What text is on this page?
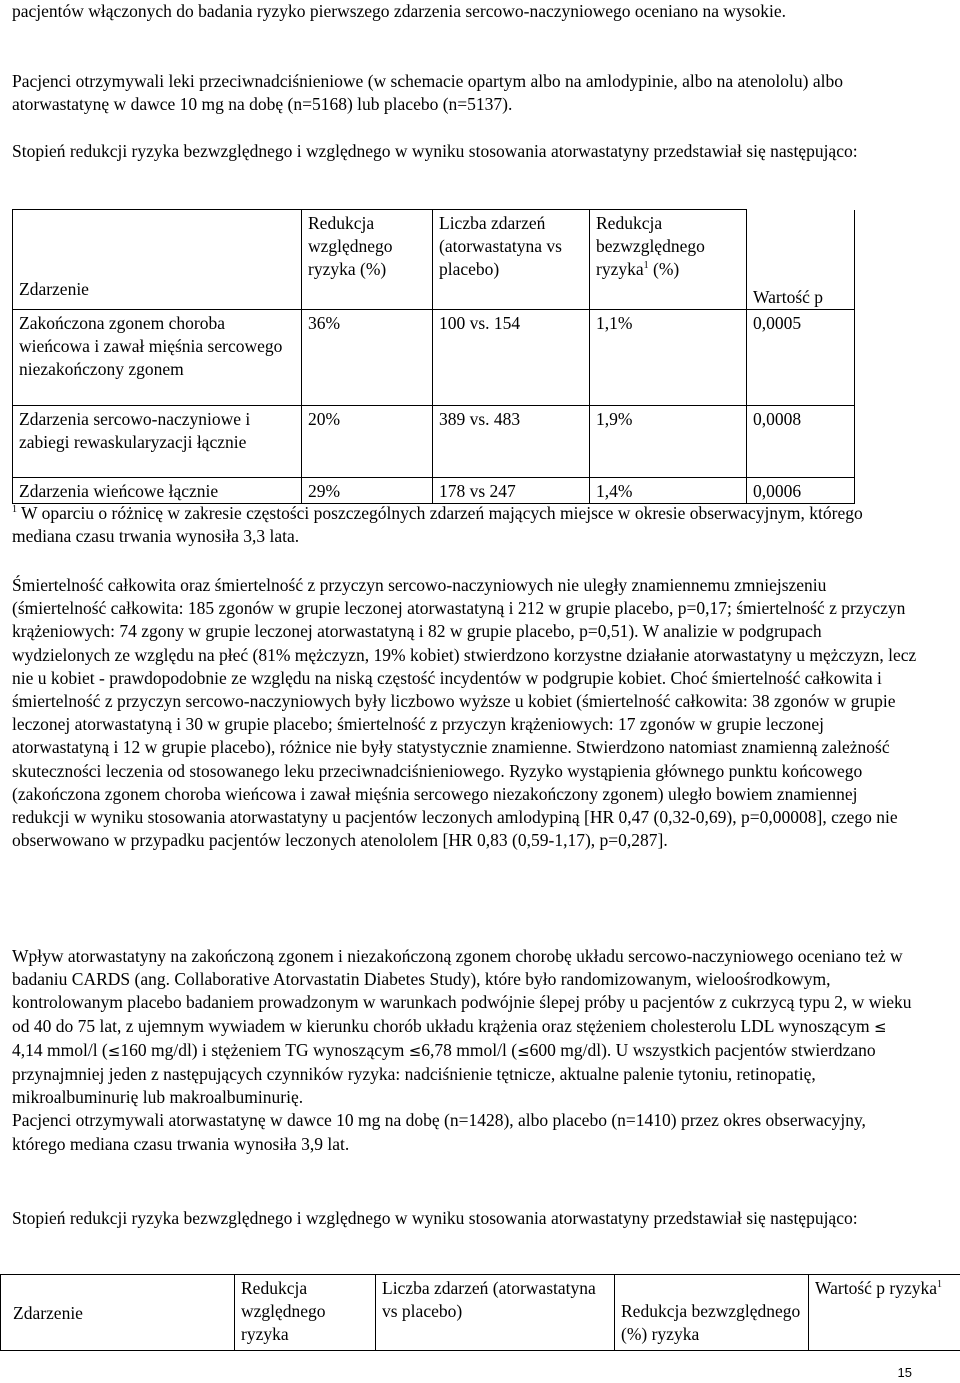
pacjentów włączonych do badania ryzyko pierwszego zdarzenia sercowo-naczyniowego oceniano na wysokie.

Pacjenci otrzymywali leki przeciwnadciśnieniowe (w schemacie opartym albo na amlodypinie, albo na atenololu) albo atorwastatynę w dawce 10 mg na dobę (n=5168) lub placebo (n=5137).

Stopień redukcji ryzyka bezwzględnego i względnego w wyniku stosowania atorwastatyny przedstawiał się następująco:

Zdarzenie	Redukcja względnego ryzyka (%)	Liczba zdarzeń (atorwastatyna vs placebo)	Redukcja bezwzględnego ryzyka$^1$ (%)	Wartość p
Zakończona zgonem choroba wieńcowa i zawał mięśnia sercowego niezakończony zgonem	36%	100 vs. 154	1,1%	0,0005
Zdarzenia sercowo-naczyniowe i zabiegi rewaskularyzacji łącznie	20%	389 vs. 483	1,9%	0,0008
Zdarzenia wieńcowe łącznie	29%	178 vs 247	1,4%	0,0006

$^1$ W oparciu o różnicę w zakresie częstości poszczególnych zdarzeń mających miejsce w okresie obserwacyjnym, którego mediana czasu trwania wynosiła 3,3 lata.

Śmiertelność całkowita oraz śmiertelność z przyczyn sercowo-naczyniowych nie uległy znamiennemu zmniejszeniu (śmiertelność całkowita: 185 zgonów w grupie leczonej atorwastatyną i 212 w grupie placebo, p=0,17; śmiertelność z przyczyn krążeniowych: 74 zgony w grupie leczonej atorwastatyną i 82 w grupie placebo, p=0,51). W analizie w podgrupach wydzielonych ze względu na płeć (81% mężczyzn, 19% kobiet) stwierdzono korzystne działanie atorwastatyny u mężczyzn, lecz nie u kobiet - prawdopodobnie ze względu na niską częstość incydentów w podgrupie kobiet. Choć śmiertelność całkowita i śmiertelność z przyczyn sercowo-naczyniowych były liczbowo wyższe u kobiet (śmiertelność całkowita: 38 zgonów w grupie leczonej atorwastatyną i 30 w grupie placebo; śmiertelność z przyczyn krążeniowych: 17 zgonów w grupie leczonej atorwastatyną i 12 w grupie placebo), różnice nie były statystycznie znamienne. Stwierdzono natomiast znamienną zależność skuteczności leczenia od stosowanego leku przeciwnadciśnieniowego. Ryzyko wystąpienia głównego punktu końcowego (zakończona zgonem choroba wieńcowa i zawał mięśnia sercowego niezakończony zgonem) uległo bowiem znamiennej redukcji w wyniku stosowania atorwastatyny u pacjentów leczonych amlodypiną [HR 0,47 (0,32-0,69), p=0,00008], czego nie obserwowano w przypadku pacjentów leczonych atenololem [HR 0,83 (0,59-1,17), p=0,287].

Wpływ atorwastatyny na zakończoną zgonem i niezakończoną zgonem chorobę układu sercowo-naczyniowego oceniano też w badaniu CARDS (ang. Collaborative Atorvastatin Diabetes Study), które było randomizowanym, wieloośrodkowym, kontrolowanym placebo badaniem prowadzonym w warunkach podwójnie ślepej próby u pacjentów z cukrzycą typu 2, w wieku od 40 do 75 lat, z ujemnym wywiadem w kierunku chorób układu krążenia oraz stężeniem cholesterolu LDL wynoszącym ≤ 4,14 mmol/l (≤160 mg/dl) i stężeniem TG wynoszącym ≤6,78 mmol/l (≤600 mg/dl). U wszystkich pacjentów stwierdzano przynajmniej jeden z następujących czynników ryzyka: nadciśnienie tętnicze, aktualne palenie tytoniu, retinopatię, mikroalbuminurię lub makroalbuminurię.
Pacjenci otrzymywali atorwastatynę w dawce 10 mg na dobę (n=1428), albo placebo (n=1410) przez okres obserwacyjny, którego mediana czasu trwania wynosiła 3,9 lat.

Stopień redukcji ryzyka bezwzględnego i względnego w wyniku stosowania atorwastatyny przedstawiał się następująco:

Zdarzenie	Redukcja względnego ryzyka	Liczba zdarzeń (atorwastatyna vs placebo)	Redukcja bezwzględnego (%) ryzyka	Wartość p ryzyka$^1$
15
